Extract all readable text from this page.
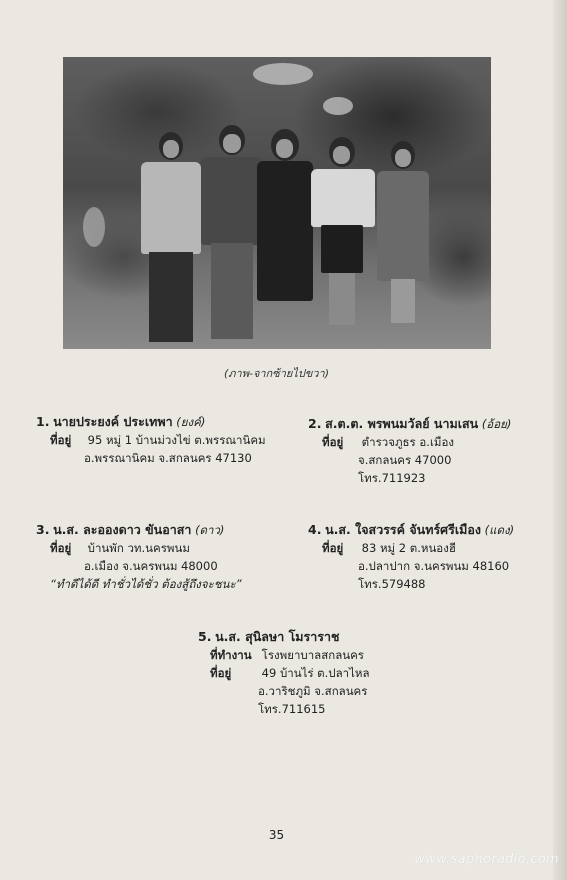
(ภาพ-จากซ้ายไปขวา)
1. นายประยงค์ ประเทพา (ยงค์)
ที่อยู่ 95 หมู่ 1 บ้านม่วงไข่ ต.พรรณานิคม
อ.พรรณานิคม จ.สกลนคร 47130
2. ส.ต.ต. พรพนมวัลย์ นามเสน (อ้อย)
ที่อยู่ ตำรวจภูธร อ.เมือง
จ.สกลนคร 47000
โทร.711923
3. น.ส. ละอองดาว ขันอาสา (ดาว)
ที่อยู่ บ้านพัก วท.นครพนม
อ.เมือง จ.นครพนม 48000
“ทำดีได้ดี ทำชั่วได้ชั่ว ต้องสู้ถึงจะชนะ”
4. น.ส. ใจสวรรค์ จันทร์ศรีเมือง (แดง)
ที่อยู่ 83 หมู่ 2 ต.หนองฮี
อ.ปลาปาก จ.นครพนม 48160
โทร.579488
5. น.ส. สุนิลษา โมราราช
ที่ทำงาน โรงพยาบาลสกลนคร
ที่อยู่	49 บ้านไร่ ต.ปลาไหล
อ.วาริชภูมิ จ.สกลนคร
โทร.711615
35
www.saphoradio.com
